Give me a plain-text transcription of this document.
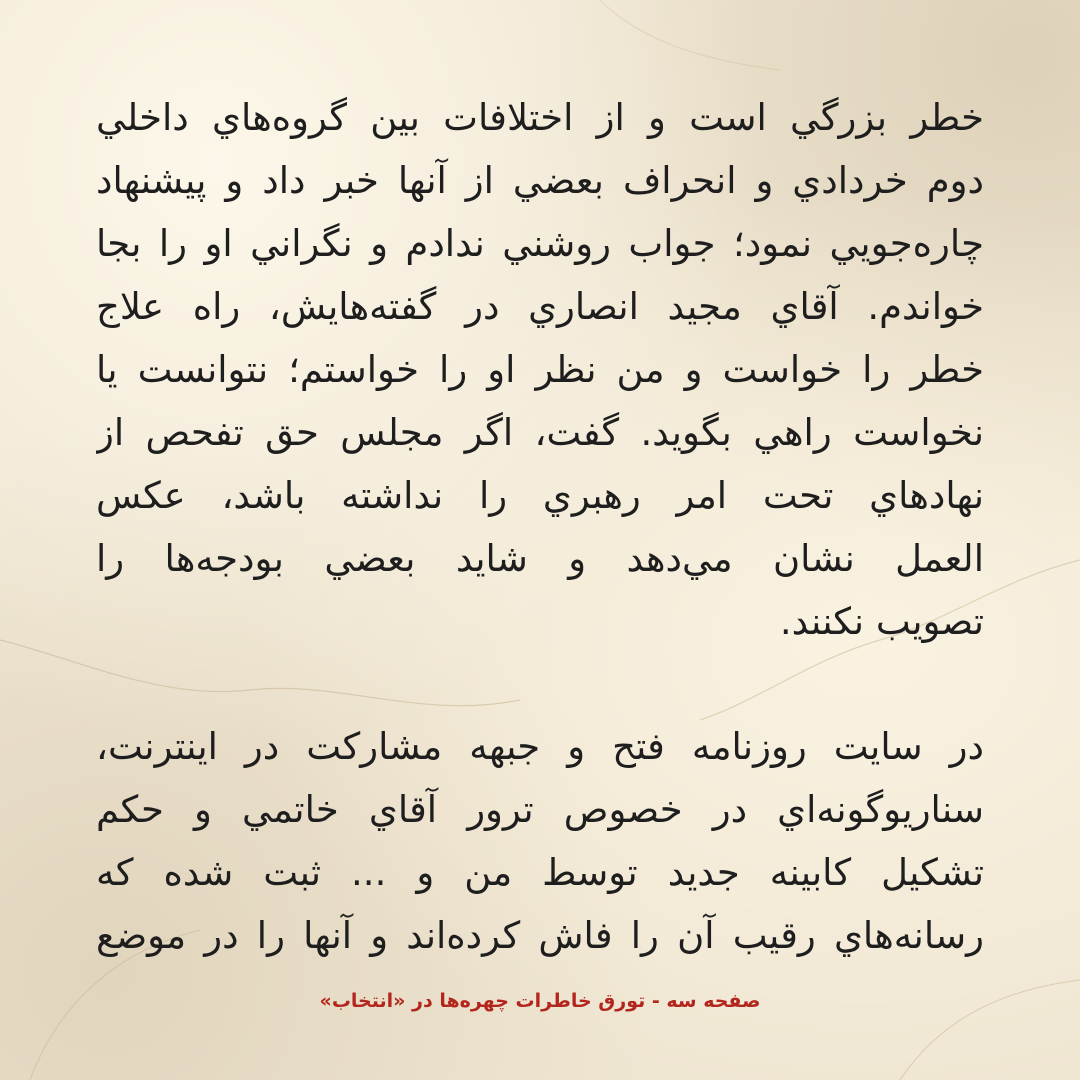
خطر بزرگي است و از اختلافات بين گروه‌هاي داخلي
دوم خردادي و انحراف بعضي از آنها خبر داد و پيشنهاد
چاره‌جويي نمود؛ جواب روشني ندادم و نگراني او را بجا
خواندم. آقاي مجيد انصاري در گفته‌هايش، راه علاج
خطر را خواست و من نظر او را خواستم؛ نتوانست يا
نخواست راهي بگويد. گفت، اگر مجلس حق تفحص از
نهادهاي تحت امر رهبري را نداشته باشد، عكس
العمل نشان مي‌دهد و شايد بعضي بودجه‌ها را
تصويب نكنند.
در سايت روزنامه فتح و جبهه مشاركت در اينترنت،
سناريوگونه‌اي در خصوص ترور آقاي خاتمي و حكم
تشكيل كابينه جديد توسط من و ... ثبت شده كه
رسانه‌هاي رقيب آن را فاش كرده‌اند و آنها را در موضع
صفحه سه - تورق خاطرات چهره‌ها در «انتخاب»
